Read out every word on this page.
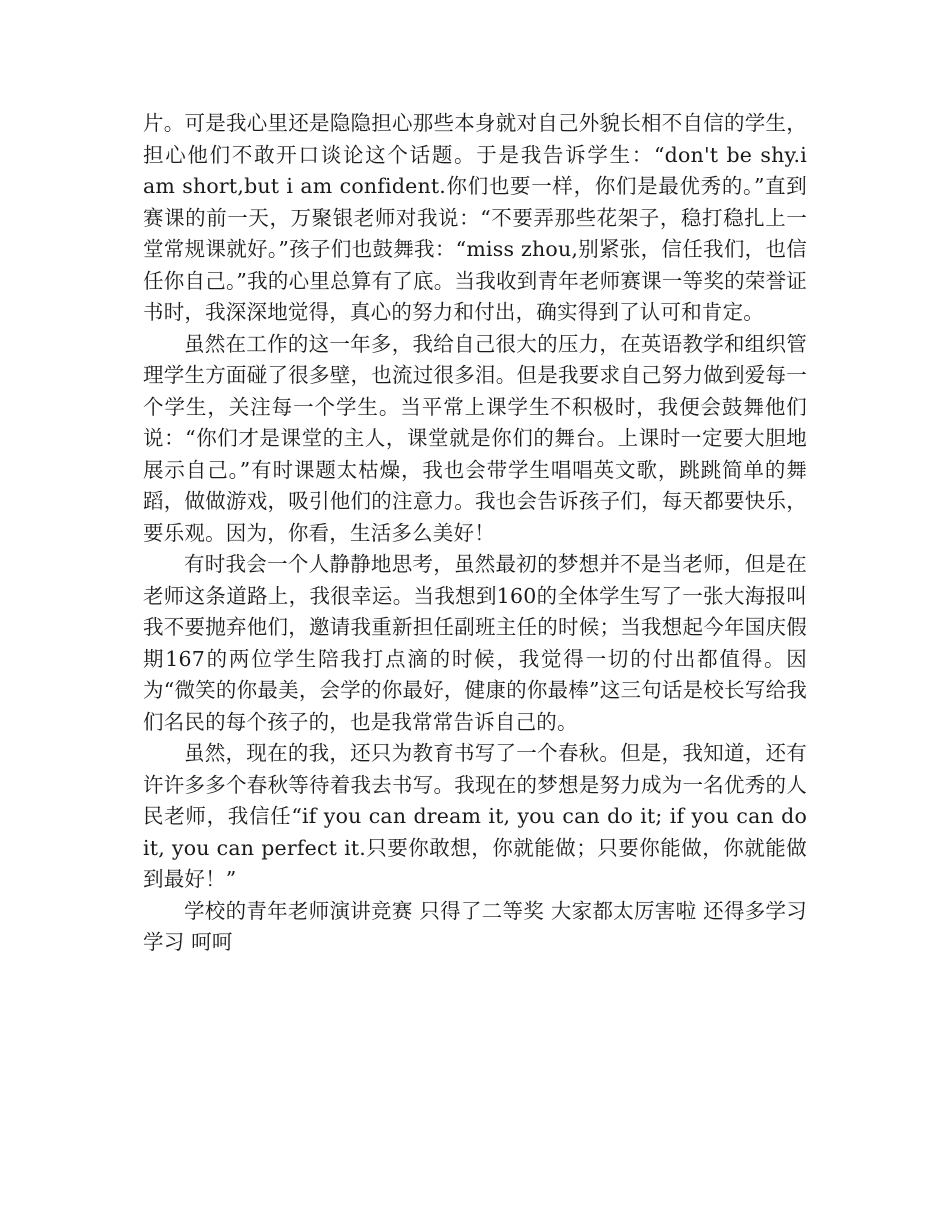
片。可是我心里还是隐隐担心那些本身就对自己外貌长相不自信的学生，担心他们不敢开口谈论这个话题。于是我告诉学生：“don't be shy.i am short,but i am confident.你们也要一样，你们是最优秀的。”直到赛课的前一天，万聚银老师对我说：“不要弄那些花架子，稳打稳扎上一堂常规课就好。”孩子们也鼓舞我：“miss zhou,别紧张，信任我们，也信任你自己。”我的心里总算有了底。当我收到青年老师赛课一等奖的荣誉证书时，我深深地觉得，真心的努力和付出，确实得到了认可和肯定。

虽然在工作的这一年多，我给自己很大的压力，在英语教学和组织管理学生方面碰了很多壁，也流过很多泪。但是我要求自己努力做到爱每一个学生，关注每一个学生。当平常上课学生不积极时，我便会鼓舞他们说：“你们才是课堂的主人，课堂就是你们的舞台。上课时一定要大胆地展示自己。”有时课题太枯燥，我也会带学生唱唱英文歌，跳跳简单的舞蹈，做做游戏，吸引他们的注意力。我也会告诉孩子们，每天都要快乐，要乐观。因为，你看，生活多么美好！

有时我会一个人静静地思考，虽然最初的梦想并不是当老师，但是在老师这条道路上，我很幸运。当我想到160的全体学生写了一张大海报叫我不要抛弃他们，邀请我重新担任副班主任的时候；当我想起今年国庆假期167的两位学生陪我打点滴的时候，我觉得一切的付出都值得。因为“微笑的你最美，会学的你最好，健康的你最棒”这三句话是校长写给我们名民的每个孩子的，也是我常常告诉自己的。

虽然，现在的我，还只为教育书写了一个春秋。但是，我知道，还有许许多多个春秋等待着我去书写。我现在的梦想是努力成为一名优秀的人民老师，我信任“if you can dream it, you can do it; if you can do it, you can perfect it.只要你敢想，你就能做；只要你能做，你就能做到最好！”

学校的青年老师演讲竞赛 只得了二等奖 大家都太厉害啦 还得多学习学习 呵呵
